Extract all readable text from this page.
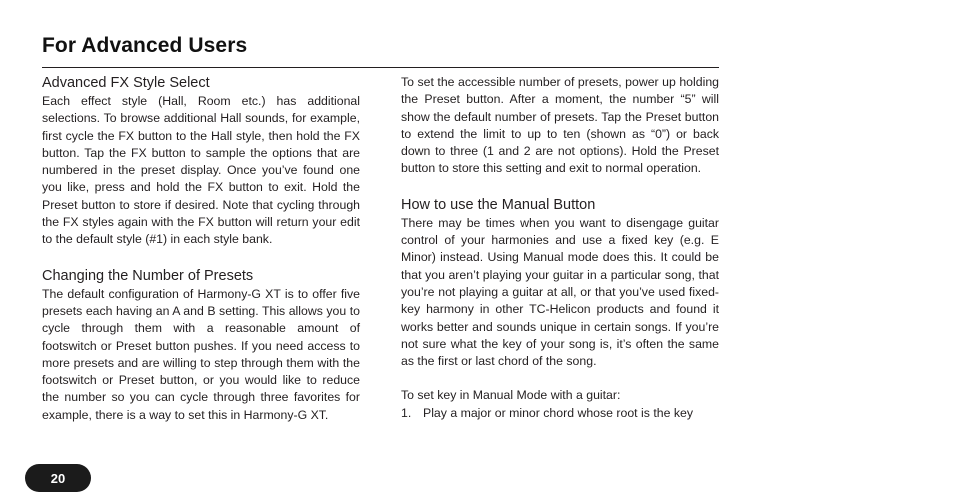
For Advanced Users
Advanced FX Style Select

Each effect style (Hall, Room etc.) has additional selections. To browse additional Hall sounds, for example, first cycle the FX button to the Hall style, then hold the FX button. Tap the FX button to sample the options that are numbered in the preset display. Once you’ve found one you like, press and hold the FX button to exit. Hold the Preset button to store if desired. Note that cycling through the FX styles again with the FX button will return your edit to the default style (#1) in each style bank.

Changing the Number of Presets

The default configuration of Harmony-G XT is to offer five presets each having an A and B setting. This allows you to cycle through them with a reasonable amount of footswitch or Preset button pushes. If you need access to more presets and are willing to step through them with the footswitch or Preset button, or you would like to reduce the number so you can cycle through three favorites for example, there is a way to set this in Harmony-G XT.

To set the accessible number of presets, power up holding the Preset button. After a moment, the number “5” will show the default number of presets. Tap the Preset button to extend the limit to up to ten (shown as “0”) or back down to three (1 and 2 are not options). Hold the Preset button to store this setting and exit to normal operation.

How to use the Manual Button

There may be times when you want to disengage guitar control of your harmonies and use a fixed key (e.g. E Minor) instead. Using Manual mode does this. It could be that you aren’t playing your guitar in a particular song, that you’re not playing a guitar at all, or that you’ve used fixed-key harmony in other TC-Helicon products and found it works better and sounds unique in certain songs. If you’re not sure what the key of your song is, it’s often the same as the first or last chord of the song.

To set key in Manual Mode with a guitar:

1. Play a major or minor chord whose root is the key
20
